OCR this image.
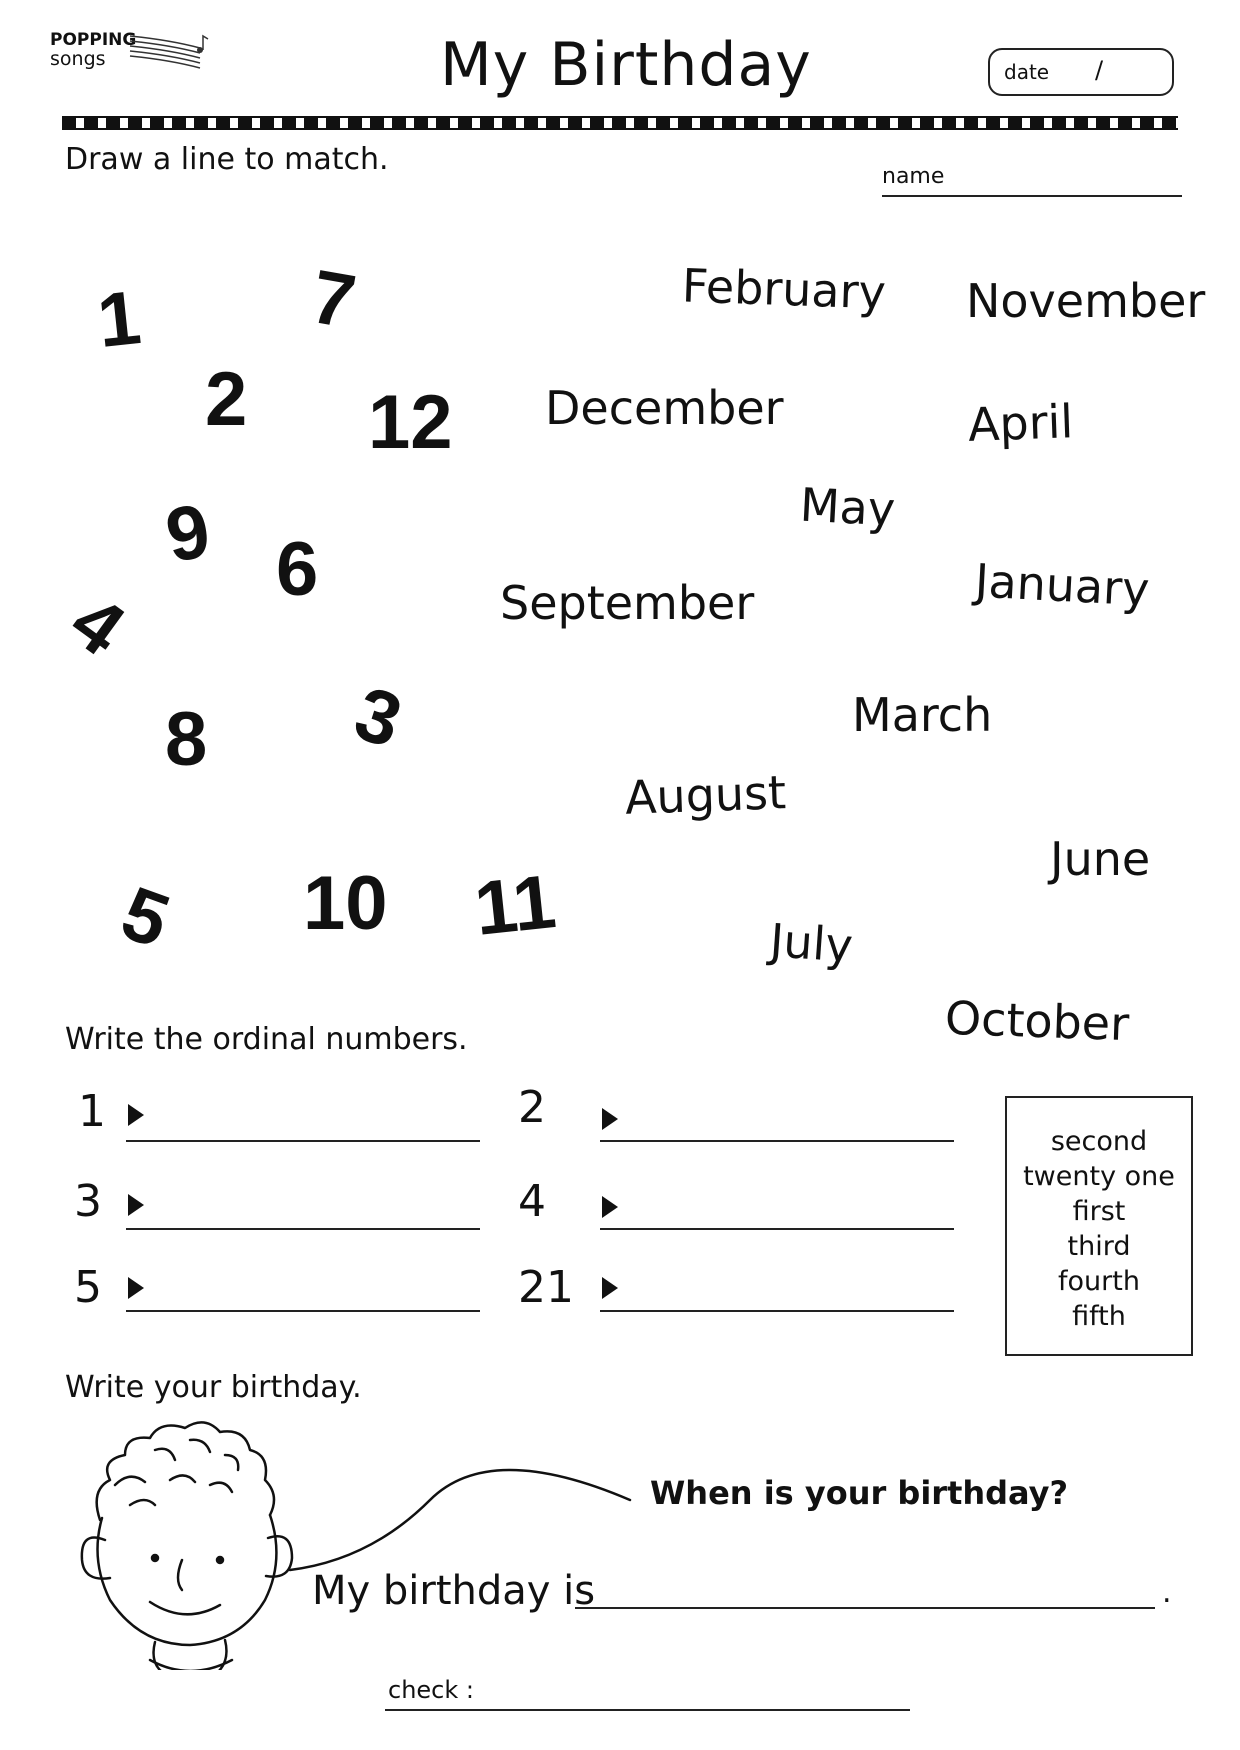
POPPING
songs	My Birthday	date /
Draw a line to match.	name
1 7
2 12
9 6
4
8 3
5 10 11
February November
December	April
May
January
September
March
August
June
July
October
Write the ordinal numbers.
1	2
3	4
5	21
second
twenty one
first
third
fourth
fifth
Write your birthday.
When is your birthday?
My birthday is	.
check :
